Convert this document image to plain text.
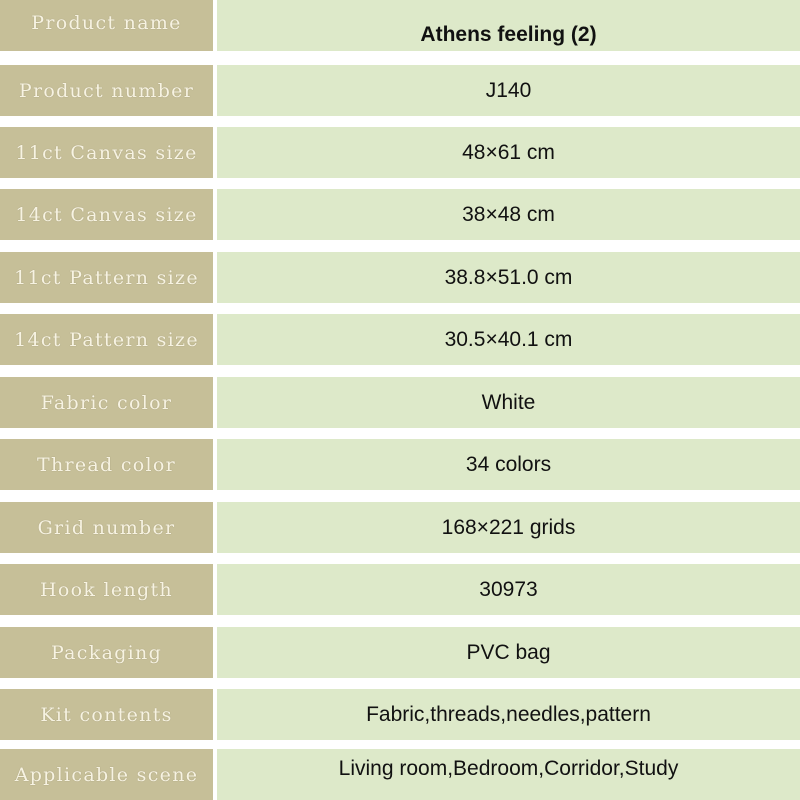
Product name	Athens feeling (2)
Product number	J140
11ct Canvas size	48×61 cm
14ct Canvas size	38×48 cm
11ct Pattern size	38.8×51.0 cm
14ct Pattern size	30.5×40.1 cm
Fabric color	White
Thread color	34 colors
Grid number	168×221 grids
Hook length	30973
Packaging	PVC bag
Kit contents	Fabric,threads,needles,pattern
Applicable scene	Living room,Bedroom,Corridor,Study
